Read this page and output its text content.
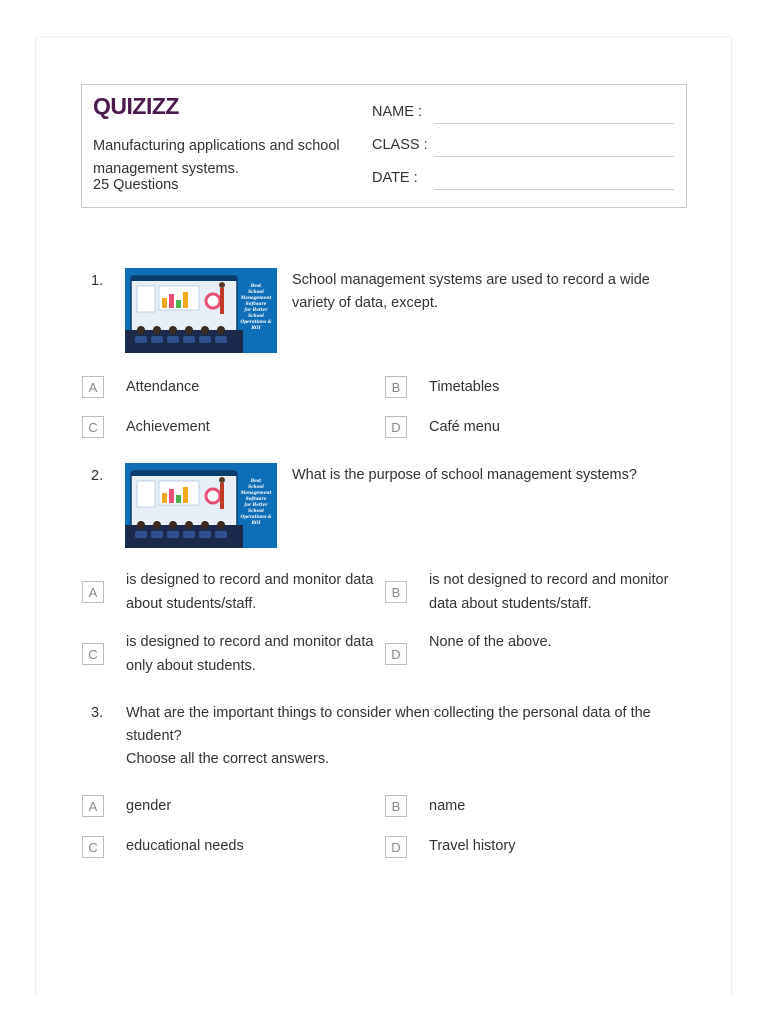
QUIZIZZ
Manufacturing applications and school management systems.
25 Questions
NAME :
CLASS :
DATE :
1.	Best
School
Management
Software
for Better
School
Operations &
ROI
School management systems are used to record a wide variety of data, except.
A	Attendance	B	Timetables
C	Achievement	D	Café menu
2.	Best
School
Management
Software
for Better
School
Operations &
ROI
What is the purpose of school management systems?
A
is designed to record and monitor data about students/staff.
B
is not designed to record and monitor data about students/staff.
C
is designed to record and monitor data only about students.
D
None of the above.
3. What are the important things to consider when collecting the personal data of the student?
Choose all the correct answers.
A	gender	B	name
C	educational needs	D	Travel history
